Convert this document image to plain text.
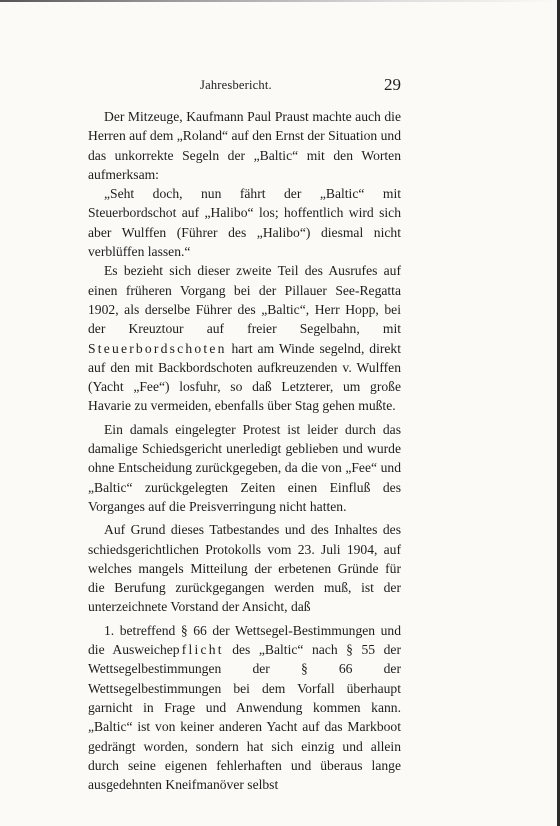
Jahresbericht.	29

Der Mitzeuge, Kaufmann Paul Praust machte auch die Herren auf dem „Roland“ auf den Ernst der Situation und das unkorrekte Segeln der „Baltic“ mit den Worten aufmerksam:

„Seht doch, nun fährt der „Baltic“ mit Steuerbordschot auf „Halibo“ los; hoffentlich wird sich aber Wulffen (Führer des „Halibo“) diesmal nicht verblüffen lassen.“

Es bezieht sich dieser zweite Teil des Ausrufes auf einen früheren Vorgang bei der Pillauer See-Regatta 1902, als derselbe Führer des „Baltic“, Herr Hopp, bei der Kreuztour auf freier Segelbahn, mit Steuerbordschoten hart am Winde segelnd, direkt auf den mit Backbordschoten aufkreuzenden v. Wulffen (Yacht „Fee“) losfuhr, so daß Letzterer, um große Havarie zu vermeiden, ebenfalls über Stag gehen mußte.

Ein damals eingelegter Protest ist leider durch das damalige Schiedsgericht unerledigt geblieben und wurde ohne Entscheidung zurückgegeben, da die von „Fee“ und „Baltic“ zurückgelegten Zeiten einen Einfluß des Vorganges auf die Preisverringung nicht hatten.

Auf Grund dieses Tatbestandes und des Inhaltes des schiedsgerichtlichen Protokolls vom 23. Juli 1904, auf welches mangels Mitteilung der erbetenen Gründe für die Berufung zurückgegangen werden muß, ist der unterzeichnete Vorstand der Ansicht, daß

1. betreffend § 66 der Wettsegel-Bestimmungen und die Ausweichepflicht des „Baltic“ nach § 55 der Wettsegelbestimmungen der § 66 der Wettsegelbestimmungen bei dem Vorfall überhaupt garnicht in Frage und Anwendung kommen kann. „Baltic“ ist von keiner anderen Yacht auf das Markboot gedrängt worden, sondern hat sich einzig und allein durch seine eigenen fehlerhaften und überaus lange ausgedehnten Kneifmanöver selbst
